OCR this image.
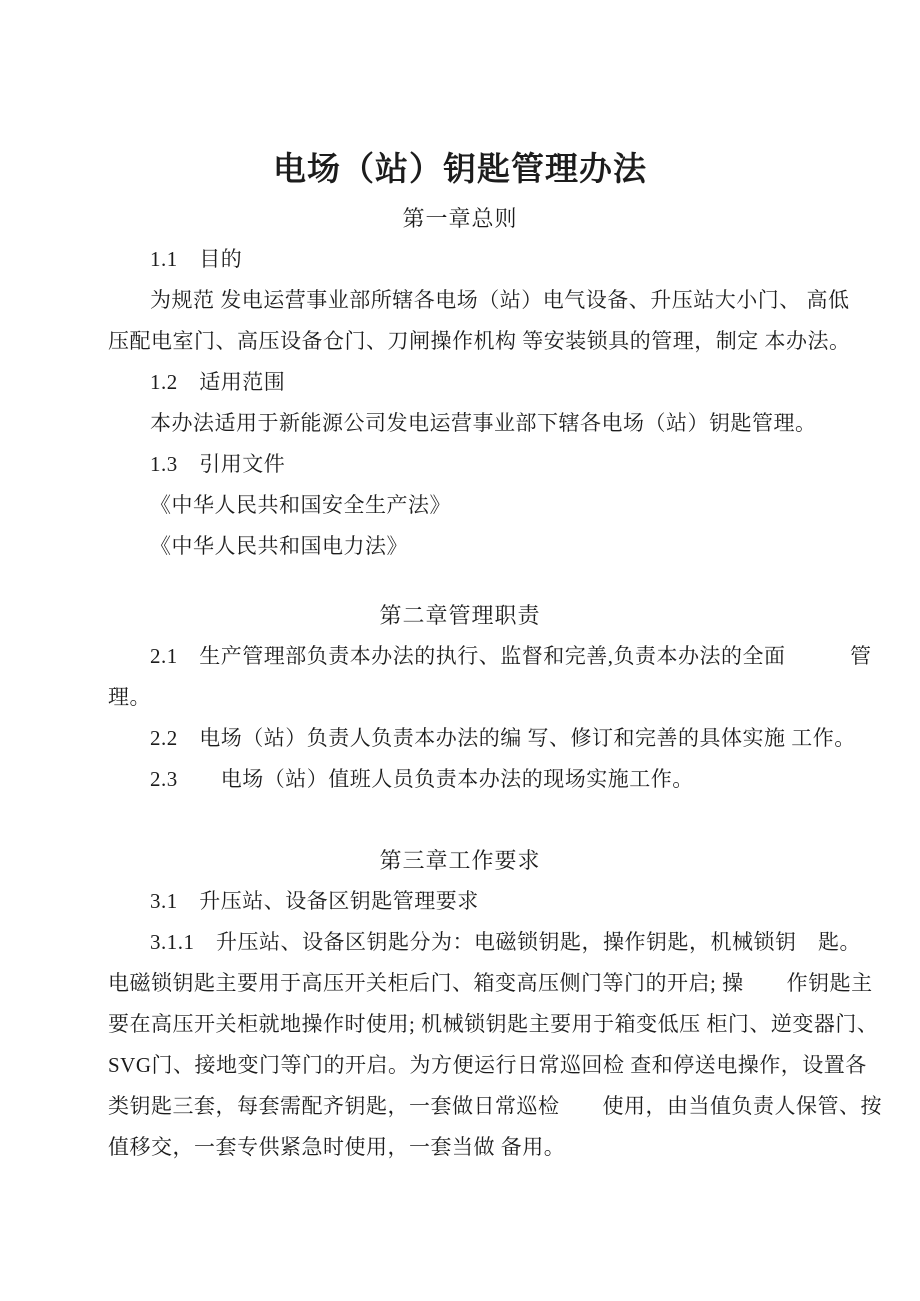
电场（站）钥匙管理办法
第一章总则
1.1　目的
为规范 发电运营事业部所辖各电场（站）电气设备、升压站大小门、 高低
压配电室门、高压设备仓门、刀闸操作机构 等安装锁具的管理，制定 本办法。
1.2　适用范围
本办法适用于新能源公司发电运营事业部下辖各电场（站）钥匙管理。
1.3　引用文件
《中华人民共和国安全生产法》
《中华人民共和国电力法》
第二章管理职责
2.1　生产管理部负责本办法的执行、监督和完善,负责本办法的全面　　　管
理。
2.2　电场（站）负责人负责本办法的编 写、修订和完善的具体实施 工作。
2.3　　电场（站）值班人员负责本办法的现场实施工作。
第三章工作要求
3.1　升压站、设备区钥匙管理要求
3.1.1　升压站、设备区钥匙分为：电磁锁钥匙，操作钥匙，机械锁钥　匙。
电磁锁钥匙主要用于高压开关柜后门、箱变高压侧门等门的开启; 操　　作钥匙主
要在高压开关柜就地操作时使用; 机械锁钥匙主要用于箱变低压 柜门、逆变器门、
SVG门、接地变门等门的开启。为方便运行日常巡回检 查和停送电操作，设置各
类钥匙三套，每套需配齐钥匙，一套做日常巡检　　使用，由当值负责人保管、按
值移交，一套专供紧急时使用，一套当做 备用。
